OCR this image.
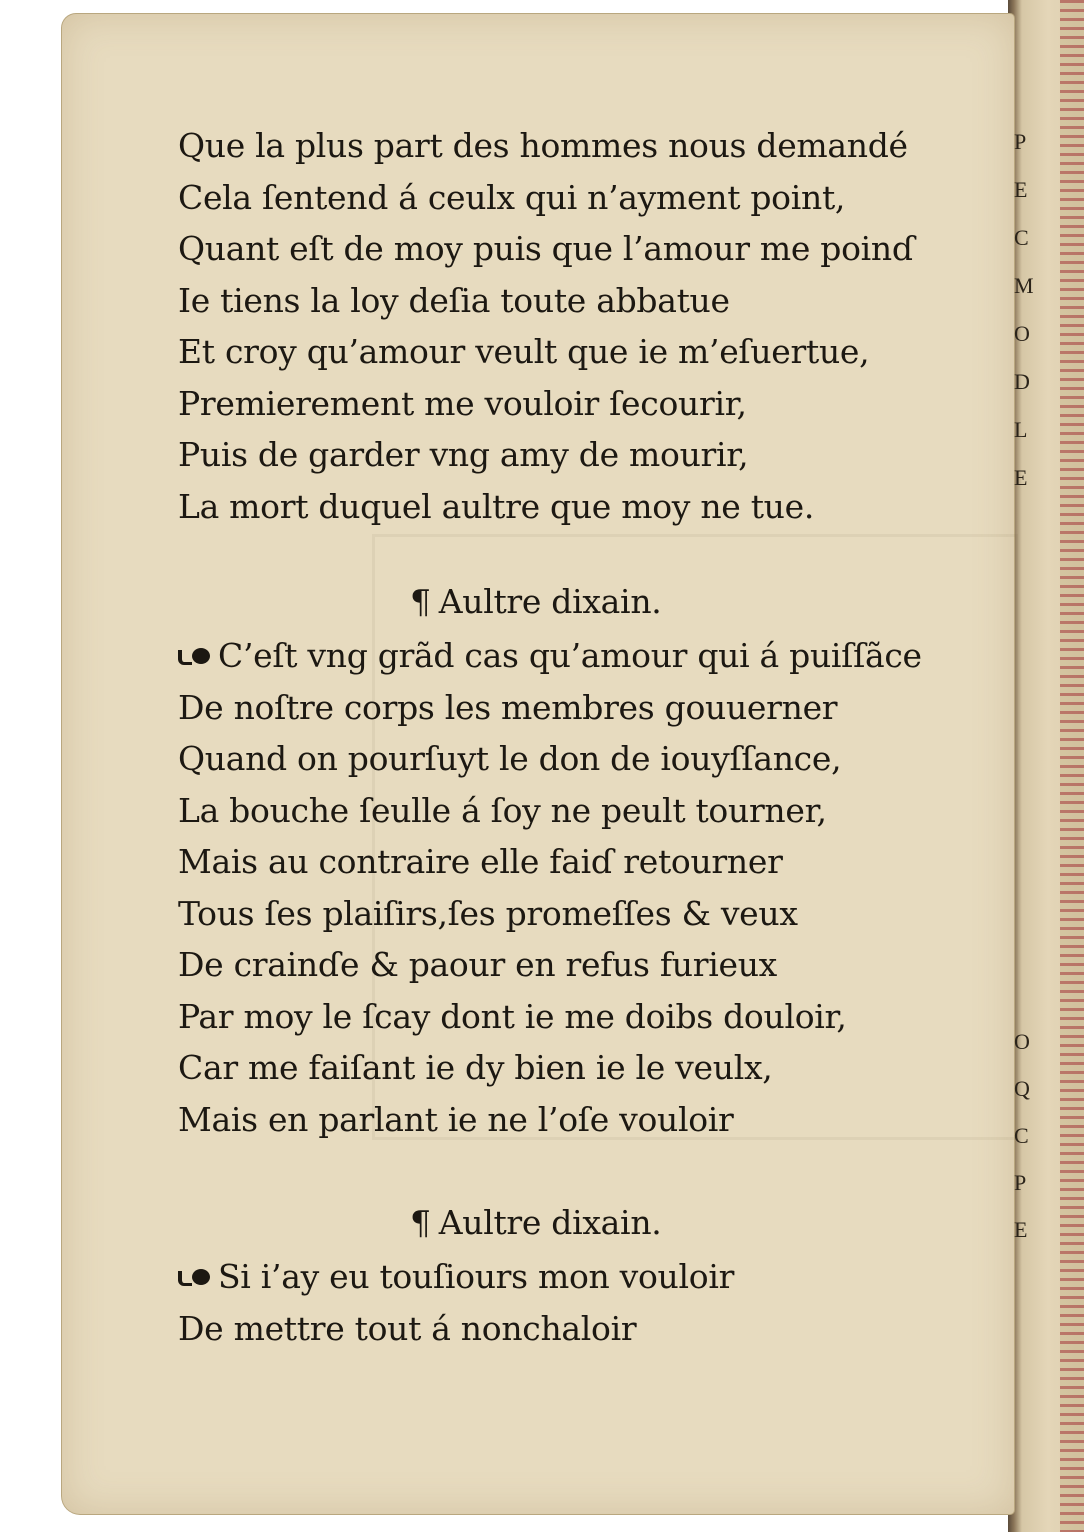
P
E
C
M
O
D
L
E
O
Q
C
P
E
Que la plus part des hommes nous demandé
Cela ſentend á ceulx qui n’ayment point,
Quant eſt de moy puis que l’amour me poinɗ
Ie tiens la loy deſia toute abbatue
Et croy qu’amour veult que ie m’eſuertue,
Premierement me vouloir ſecourir,
Puis de garder vng amy de mourir,
La mort duquel aultre que moy ne tue.
¶ Aultre dixain.
C’eſt vng grãd cas qu’amour qui á puiſſãce
De noſtre corps les membres gouuerner
Quand on pourſuyt le don de iouyſſance,
La bouche ſeulle á ſoy ne peult tourner,
Mais au contraire elle faiɗ retourner
Tous ſes plaiſirs,ſes promeſſes & veux
De crainɗe & paour en refus furieux
Par moy le ſcay dont ie me doibs douloir,
Car me faiſant ie dy bien ie le veulx,
Mais en parlant ie ne l’oſe vouloir
¶ Aultre dixain.
Si i’ay eu touſiours mon vouloir
De mettre tout á nonchaloir
